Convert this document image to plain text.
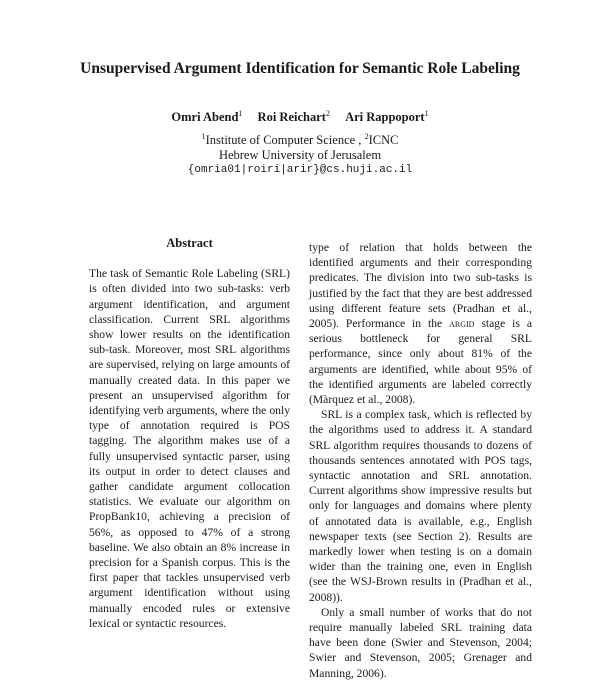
Unsupervised Argument Identification for Semantic Role Labeling
Omri Abend$^1$ Roi Reichart$^2$ Ari Rappoport$^1$
$^1$Institute of Computer Science , $^2$ICNC
Hebrew University of Jerusalem
{omria01|roiri|arir}@cs.huji.ac.il
Abstract

The task of Semantic Role Labeling (SRL) is often divided into two sub-tasks: verb argument identification, and argument classification. Current SRL algorithms show lower results on the identification sub-task. Moreover, most SRL algorithms are supervised, relying on large amounts of manually created data. In this paper we present an unsupervised algorithm for identifying verb arguments, where the only type of annotation required is POS tagging. The algorithm makes use of a fully unsupervised syntactic parser, using its output in order to detect clauses and gather candidate argument collocation statistics. We evaluate our algorithm on PropBank10, achieving a precision of 56%, as opposed to 47% of a strong baseline. We also obtain an 8% increase in precision for a Spanish corpus. This is the first paper that tackles unsupervised verb argument identification without using manually encoded rules or extensive lexical or syntactic resources.

type of relation that holds between the identified arguments and their corresponding predicates. The division into two sub-tasks is justified by the fact that they are best addressed using different feature sets (Pradhan et al., 2005). Performance in the argid stage is a serious bottleneck for general SRL performance, since only about 81% of the arguments are identified, while about 95% of the identified arguments are labeled correctly (Màrquez et al., 2008).

SRL is a complex task, which is reflected by the algorithms used to address it. A standard SRL algorithm requires thousands to dozens of thousands sentences annotated with POS tags, syntactic annotation and SRL annotation. Current algorithms show impressive results but only for languages and domains where plenty of annotated data is available, e.g., English newspaper texts (see Section 2). Results are markedly lower when testing is on a domain wider than the training one, even in English (see the WSJ-Brown results in (Pradhan et al., 2008)).

Only a small number of works that do not require manually labeled SRL training data have been done (Swier and Stevenson, 2004; Swier and Stevenson, 2005; Grenager and Manning, 2006).
